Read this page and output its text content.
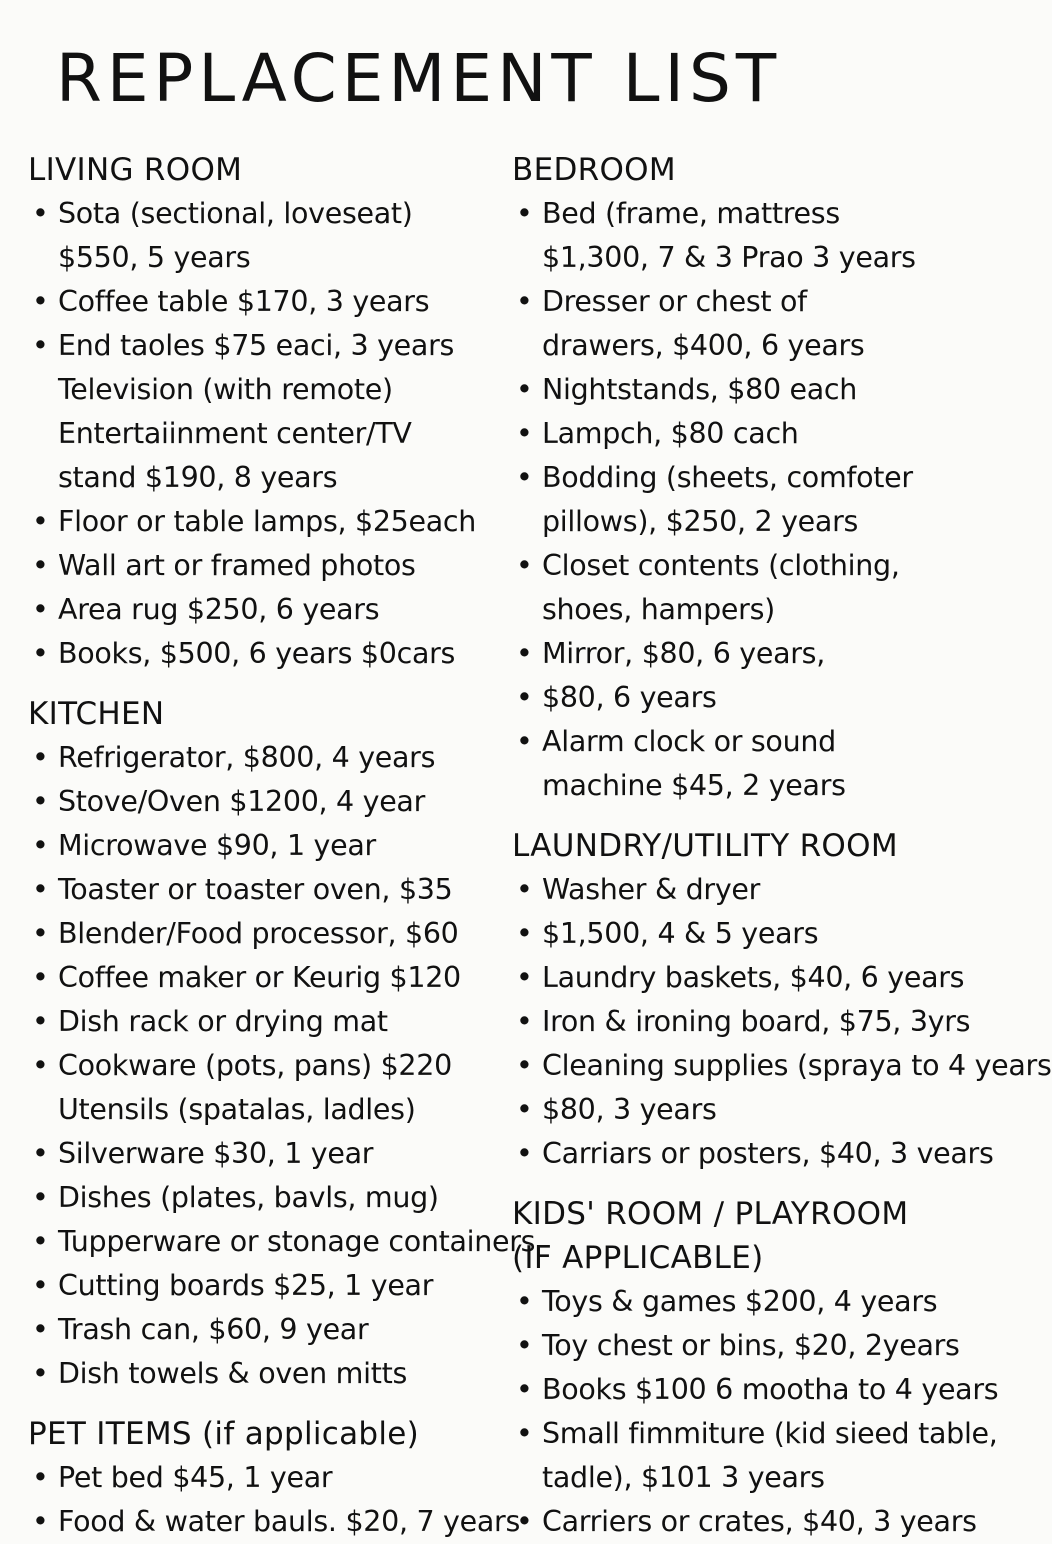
REPLACEMENT LIST
LIVING ROOM
• Sota (sectional, loveseat)
$550, 5 years
• Coffee table $170, 3 years
• End taoles $75 eaci, 3 years
Television (with remote)
Entertaiinment center/TV
stand $190, 8 years
• Floor or table lamps, $25each
• Wall art or framed photos
• Area rug $250, 6 years
• Books, $500, 6 years $0cars
KITCHEN
• Refrigerator, $800, 4 years
• Stove/Oven $1200, 4 year
• Microwave $90, 1 year
• Toaster or toaster oven, $35
• Blender/Food processor, $60
• Coffee maker or Keurig $120
• Dish rack or drying mat
• Cookware (pots, pans) $220
Utensils (spatalas, ladles)
• Silverware $30, 1 year
• Dishes (plates, bavls, mug)
• Tupperware or stonage containers
• Cutting boards $25, 1 year
• Trash can, $60, 9 year
• Dish towels & oven mitts
PET ITEMS (if applicable)
• Pet bed $45, 1 year
• Food & water bauls. $20, 7 years
BEDROOM
• Bed (frame, mattress
$1,300, 7 & 3 Prao 3 years
• Dresser or chest of
drawers, $400, 6 years
• Nightstands, $80 each
• Lampch, $80 cach
• Bodding (sheets, comfoter
pillows), $250, 2 years
• Closet contents (clothing,
shoes, hampers)
• Mirror, $80, 6 years,
• $80, 6 years
• Alarm clock or sound
machine $45, 2 years
LAUNDRY/UTILITY ROOM
• Washer & dryer
• $1,500, 4 & 5 years
• Laundry baskets, $40, 6 years
• Iron & ironing board, $75, 3yrs
• Cleaning supplies (spraya to 4 years
• $80, 3 years
• Carriars or posters, $40, 3 vears
KIDS' ROOM / PLAYROOM
(IF APPLICABLE)
• Toys & games $200, 4 years
• Toy chest or bins, $20, 2years
• Books $100 6 mootha to 4 years
• Small fimmiture (kid sieed table,
tadle), $101 3 years
• Carriers or crates, $40, 3 years
